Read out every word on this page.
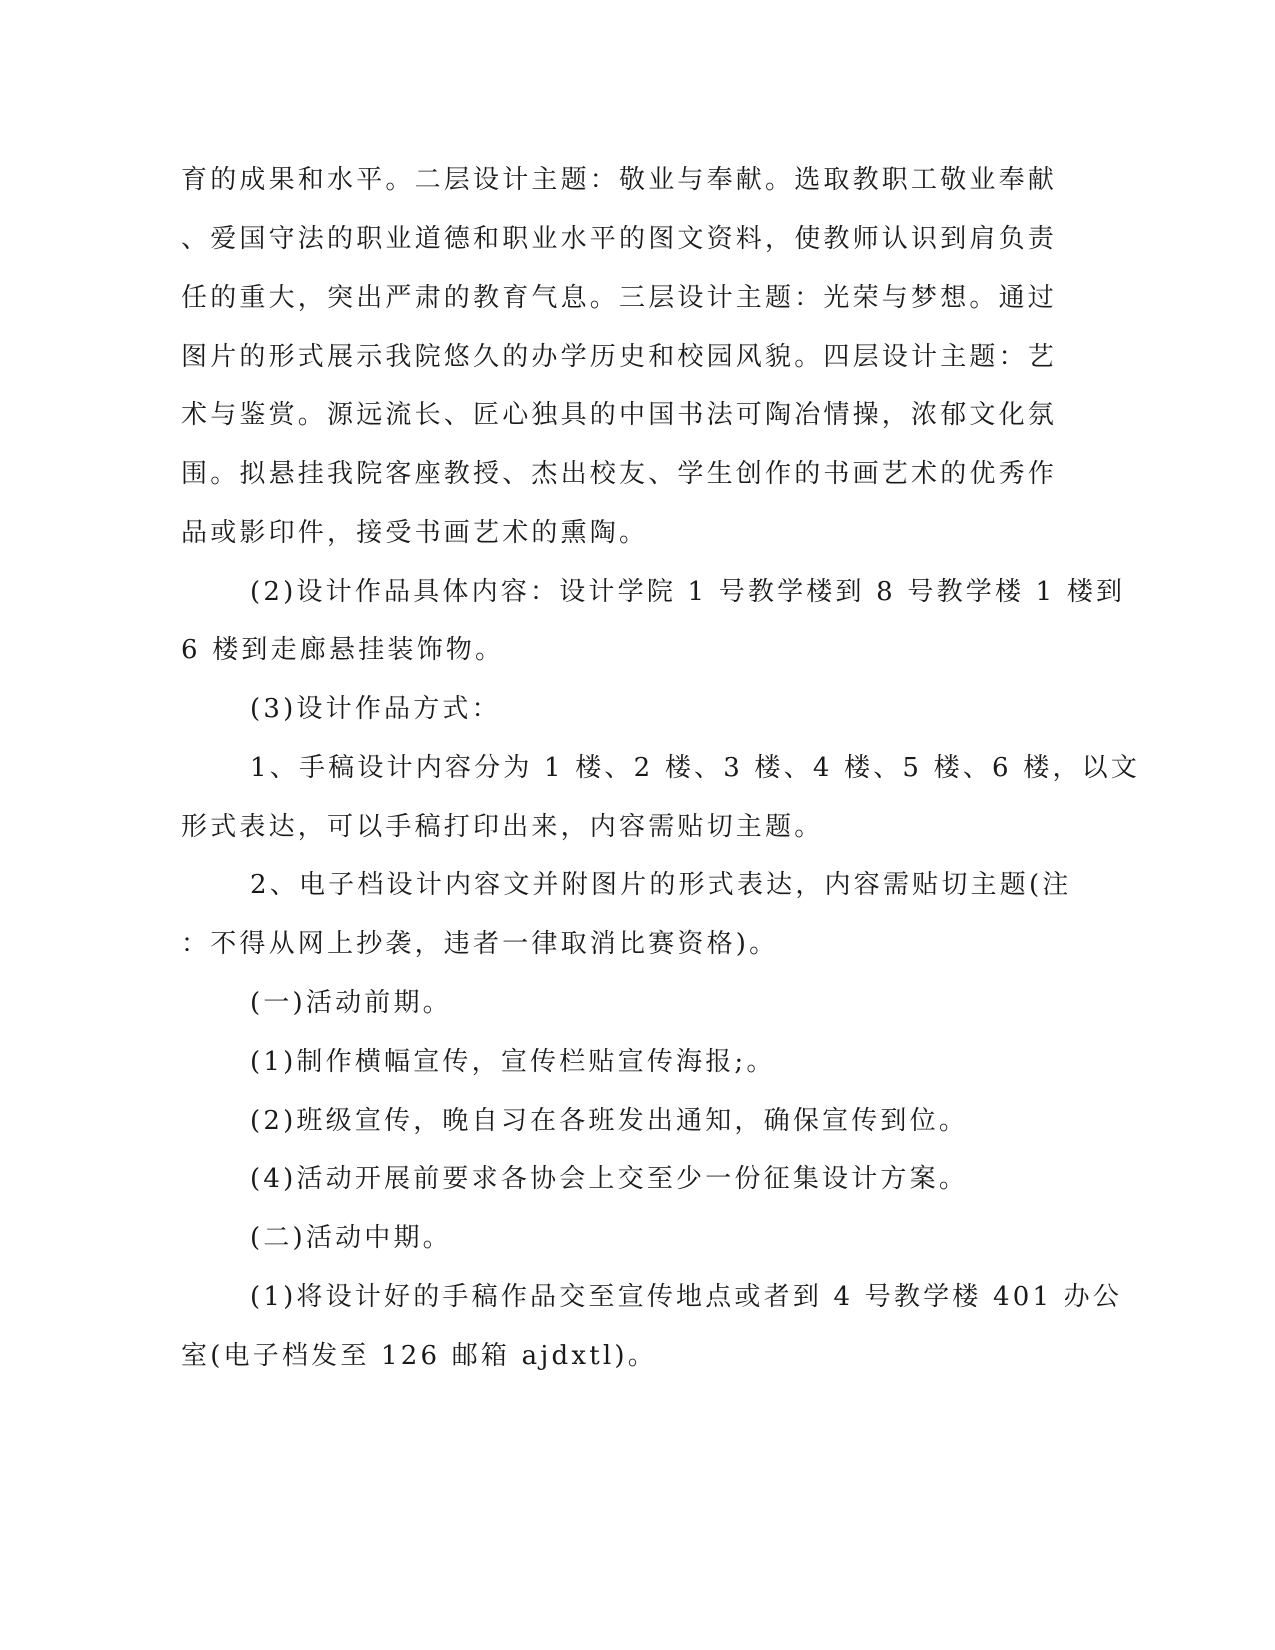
育的成果和水平。二层设计主题：敬业与奉献。选取教职工敬业奉献
、爱国守法的职业道德和职业水平的图文资料，使教师认识到肩负责
任的重大，突出严肃的教育气息。三层设计主题：光荣与梦想。通过
图片的形式展示我院悠久的办学历史和校园风貌。四层设计主题：艺
术与鉴赏。源远流长、匠心独具的中国书法可陶冶情操，浓郁文化氛
围。拟悬挂我院客座教授、杰出校友、学生创作的书画艺术的优秀作
品或影印件，接受书画艺术的熏陶。
(2)设计作品具体内容：设计学院 1 号教学楼到 8 号教学楼 1 楼到
6 楼到走廊悬挂装饰物。
(3)设计作品方式：
1、手稿设计内容分为 1 楼、2 楼、3 楼、4 楼、5 楼、6 楼，以文
形式表达，可以手稿打印出来，内容需贴切主题。
2、电子档设计内容文并附图片的形式表达，内容需贴切主题(注
：不得从网上抄袭，违者一律取消比赛资格)。
(一)活动前期。
(1)制作横幅宣传，宣传栏贴宣传海报;。
(2)班级宣传，晚自习在各班发出通知，确保宣传到位。
(4)活动开展前要求各协会上交至少一份征集设计方案。
(二)活动中期。
(1)将设计好的手稿作品交至宣传地点或者到 4 号教学楼 401 办公
室(电子档发至 126 邮箱 ajdxtl)。
